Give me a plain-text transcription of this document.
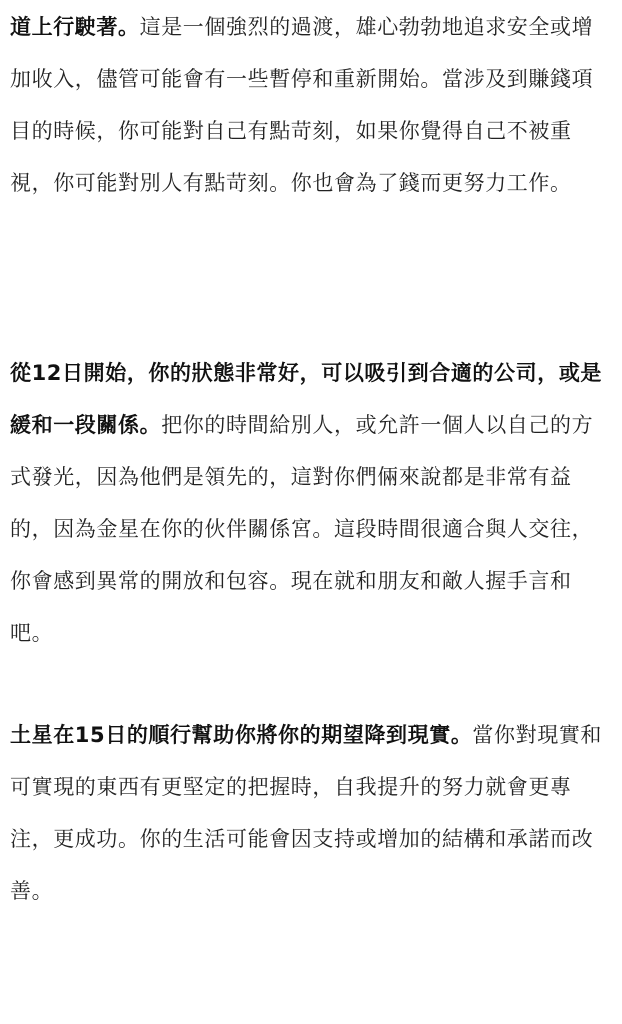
道上行駛著。這是一個強烈的過渡，雄心勃勃地追求安全或增加收入，儘管可能會有一些暫停和重新開始。當涉及到賺錢項目的時候，你可能對自己有點苛刻，如果你覺得自己不被重視，你可能對別人有點苛刻。你也會為了錢而更努力工作。

從12日開始，你的狀態非常好，可以吸引到合適的公司，或是緩和一段關係。把你的時間給別人，或允許一個人以自己的方式發光，因為他們是領先的，這對你們倆來說都是非常有益的，因為金星在你的伙伴關係宮。這段時間很適合與人交往，你會感到異常的開放和包容。現在就和朋友和敵人握手言和吧。

土星在15日的順行幫助你將你的期望降到現實。當你對現實和可實現的東西有更堅定的把握時，自我提升的努力就會更專注，更成功。你的生活可能會因支持或增加的結構和承諾而改善。
